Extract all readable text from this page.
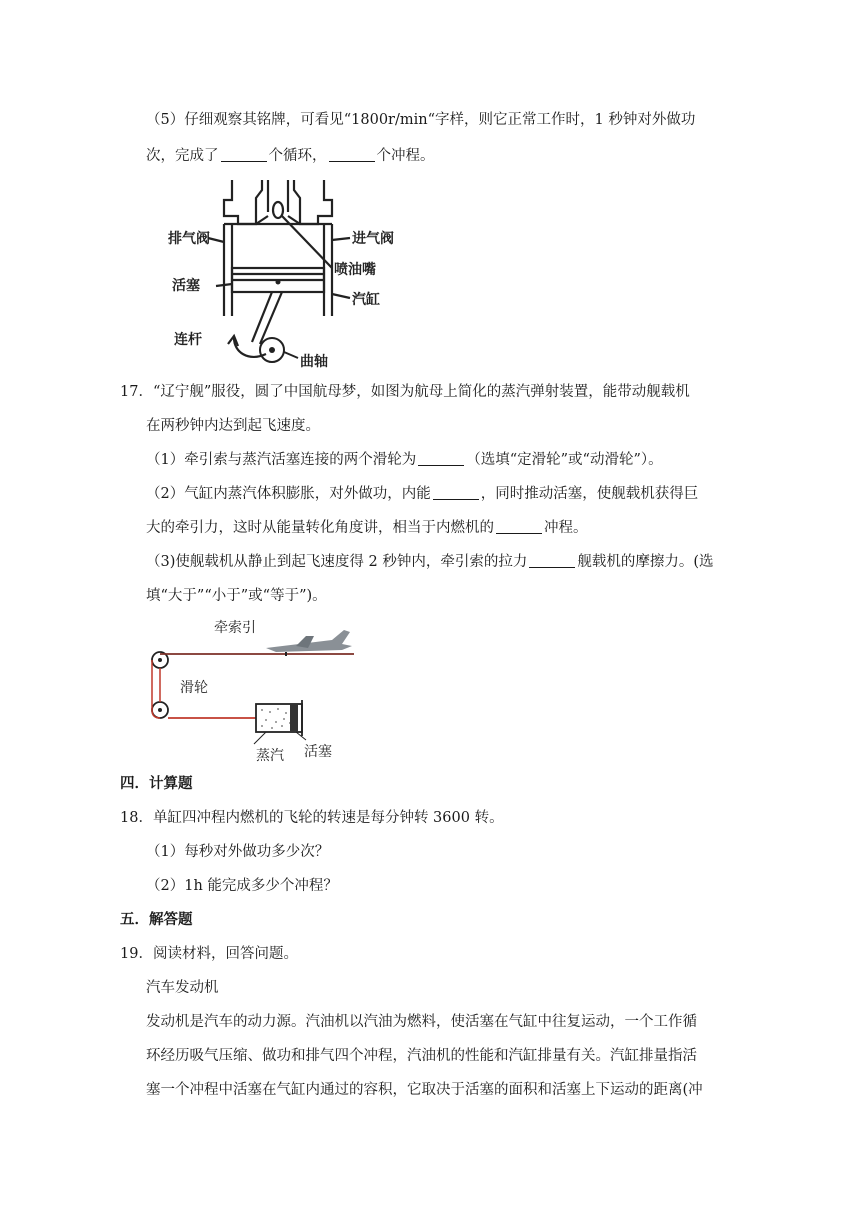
（5）仔细观察其铭牌，可看见“1800r/min“字样，则它正常工作时，1 秒钟对外做功
次，完成了	个循环，	个冲程。
排气阀	进气阀
喷油嘴
活塞
汽缸
连杆
曲轴
17．“辽宁舰”服役，圆了中国航母梦，如图为航母上简化的蒸汽弹射装置，能带动舰载机
在两秒钟内达到起飞速度。
（1）牵引索与蒸汽活塞连接的两个滑轮为	（选填“定滑轮”或“动滑轮”）。
（2）气缸内蒸汽体积膨胀，对外做功，内能	，同时推动活塞，使舰载机获得巨
大的牵引力，这时从能量转化角度讲，相当于内燃机的	冲程。
（3)使舰载机从静止到起飞速度得 2 秒钟内，牵引索的拉力	舰载机的摩擦力。(选
填“大于”“小于”或“等于”)。
牵索引
滑轮
蒸汽 活塞
四．计算题
18．单缸四冲程内燃机的飞轮的转速是每分钟转 3600 转。
（1）每秒对外做功多少次？
（2）1h 能完成多少个冲程？
五．解答题
19．阅读材料，回答问题。
汽车发动机
发动机是汽车的动力源。汽油机以汽油为燃料，使活塞在气缸中往复运动，一个工作循
环经历吸气压缩、做功和排气四个冲程，汽油机的性能和汽缸排量有关。汽缸排量指活
塞一个冲程中活塞在气缸内通过的容积，它取决于活塞的面积和活塞上下运动的距离(冲
